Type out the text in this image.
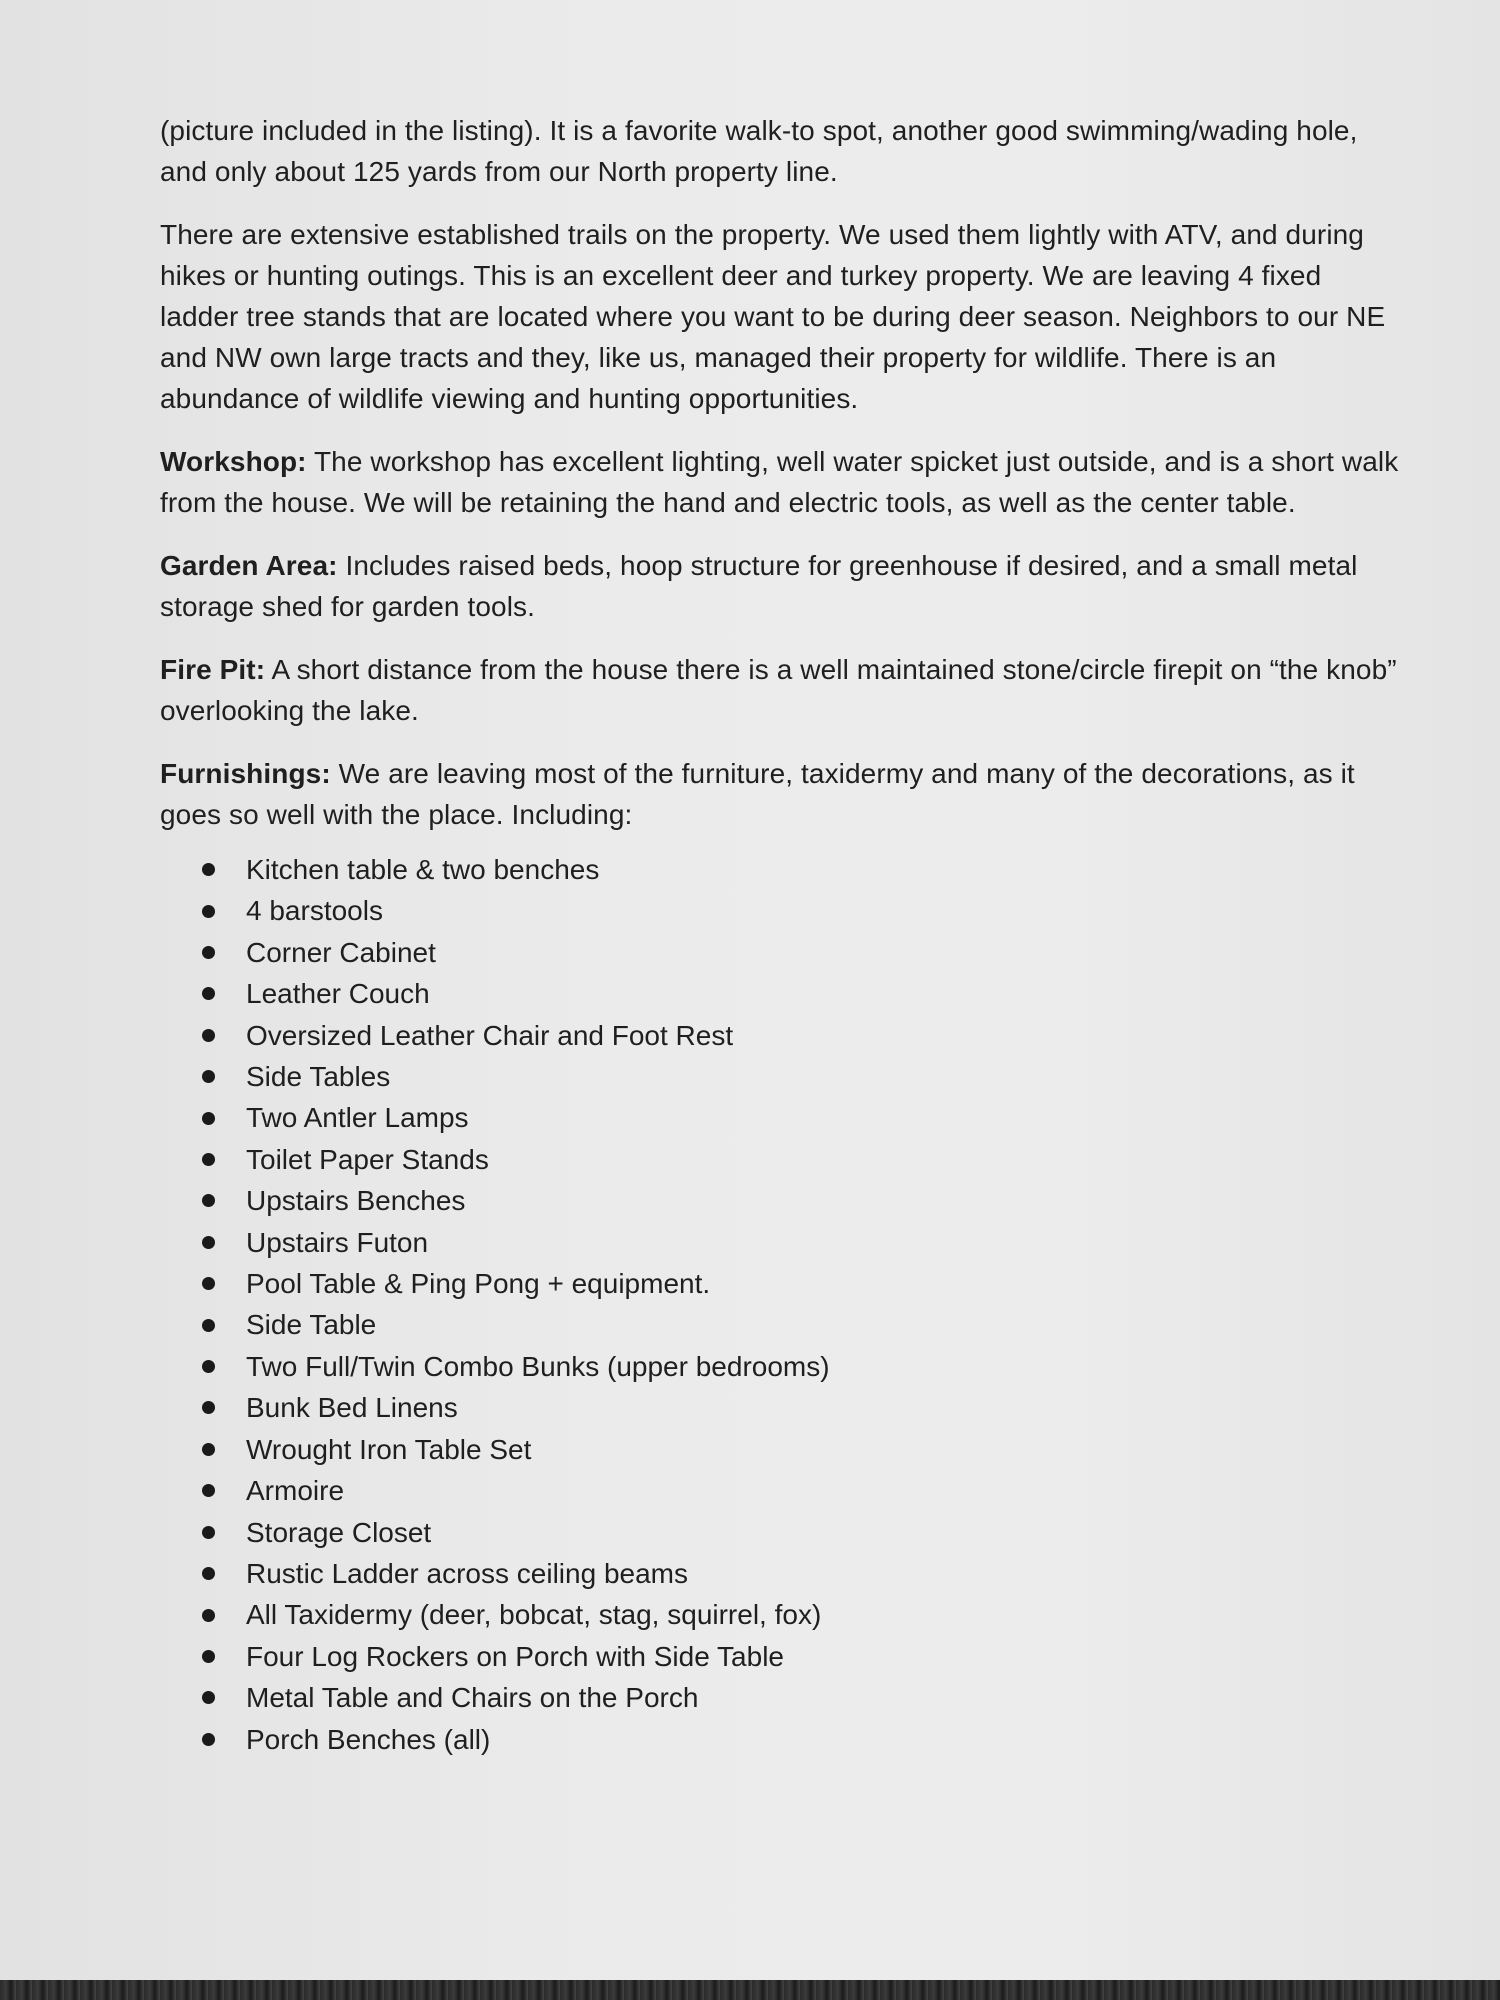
(picture included in the listing). It is a favorite walk-to spot, another good swimming/wading hole, and only about 125 yards from our North property line.

There are extensive established trails on the property. We used them lightly with ATV, and during hikes or hunting outings. This is an excellent deer and turkey property. We are leaving 4 fixed ladder tree stands that are located where you want to be during deer season. Neighbors to our NE and NW own large tracts and they, like us, managed their property for wildlife. There is an abundance of wildlife viewing and hunting opportunities.

Workshop: The workshop has excellent lighting, well water spicket just outside, and is a short walk from the house. We will be retaining the hand and electric tools, as well as the center table.

Garden Area: Includes raised beds, hoop structure for greenhouse if desired, and a small metal storage shed for garden tools.

Fire Pit: A short distance from the house there is a well maintained stone/circle firepit on “the knob” overlooking the lake.

Furnishings: We are leaving most of the furniture, taxidermy and many of the decorations, as it goes so well with the place. Including:

Kitchen table & two benches
4 barstools
Corner Cabinet
Leather Couch
Oversized Leather Chair and Foot Rest
Side Tables
Two Antler Lamps
Toilet Paper Stands
Upstairs Benches
Upstairs Futon
Pool Table & Ping Pong + equipment.
Side Table
Two Full/Twin Combo Bunks (upper bedrooms)
Bunk Bed Linens
Wrought Iron Table Set
Armoire
Storage Closet
Rustic Ladder across ceiling beams
All Taxidermy (deer, bobcat, stag, squirrel, fox)
Four Log Rockers on Porch with Side Table
Metal Table and Chairs on the Porch
Porch Benches (all)
